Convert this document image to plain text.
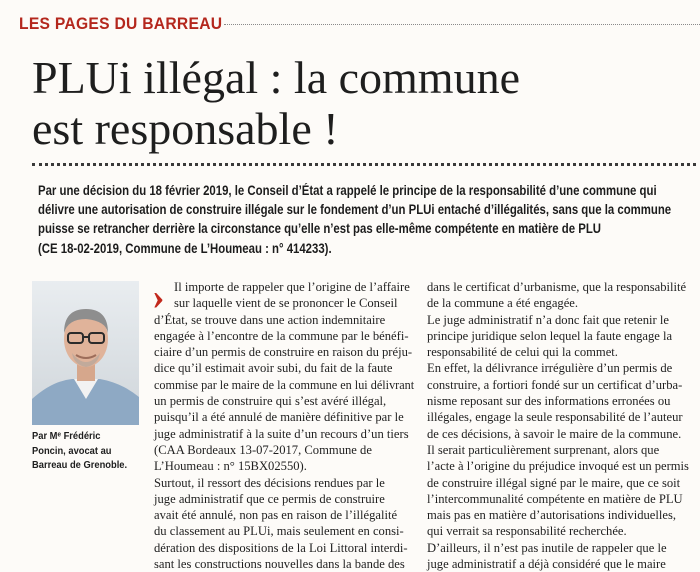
LES PAGES DU BARREAU
PLUi illégal : la commune
est responsable !
Par une décision du 18 février 2019, le Conseil d’État a rappelé le principe de la responsabilité d’une commune qui
délivre une autorisation de construire illégale sur le fondement d’un PLUi entaché d’illégalités, sans que la commune
puisse se retrancher derrière la circonstance qu’elle n’est pas elle-même compétente en matière de PLU
(CE 18-02-2019, Commune de L’Houmeau : n° 414233).
Par Mᵉ Frédéric
Poncin, avocat au
Barreau de Grenoble.
› Il importe de rappeler que l’origine de l’affaire
sur laquelle vient de se prononcer le Conseil
d’État, se trouve dans une action indemnitaire
engagée à l’encontre de la commune par le bénéfi-
ciaire d’un permis de construire en raison du préju-
dice qu’il estimait avoir subi, du fait de la faute
commise par le maire de la commune en lui délivrant
un permis de construire qui s’est avéré illégal,
puisqu’il a été annulé de manière définitive par le
juge administratif à la suite d’un recours d’un tiers
(CAA Bordeaux 13-07-2017, Commune de
L’Houmeau : n° 15BX02550).
Surtout, il ressort des décisions rendues par le
juge administratif que ce permis de construire
avait été annulé, non pas en raison de l’illégalité
du classement au PLUi, mais seulement en consi-
dération des dispositions de la Loi Littoral interdi-
sant les constructions nouvelles dans la bande des
dans le certificat d’urbanisme, que la responsabilité
de la commune a été engagée.
Le juge administratif n’a donc fait que retenir le
principe juridique selon lequel la faute engage la
responsabilité de celui qui la commet.
En effet, la délivrance irrégulière d’un permis de
construire, a fortiori fondé sur un certificat d’urba-
nisme reposant sur des informations erronées ou
illégales, engage la seule responsabilité de l’auteur
de ces décisions, à savoir le maire de la commune.
Il serait particulièrement surprenant, alors que
l’acte à l’origine du préjudice invoqué est un permis
de construire illégal signé par le maire, que ce soit
l’intercommunalité compétente en matière de PLU
mais pas en matière d’autorisations individuelles,
qui verrait sa responsabilité recherchée.
D’ailleurs, il n’est pas inutile de rappeler que le
juge administratif a déjà considéré que le maire
